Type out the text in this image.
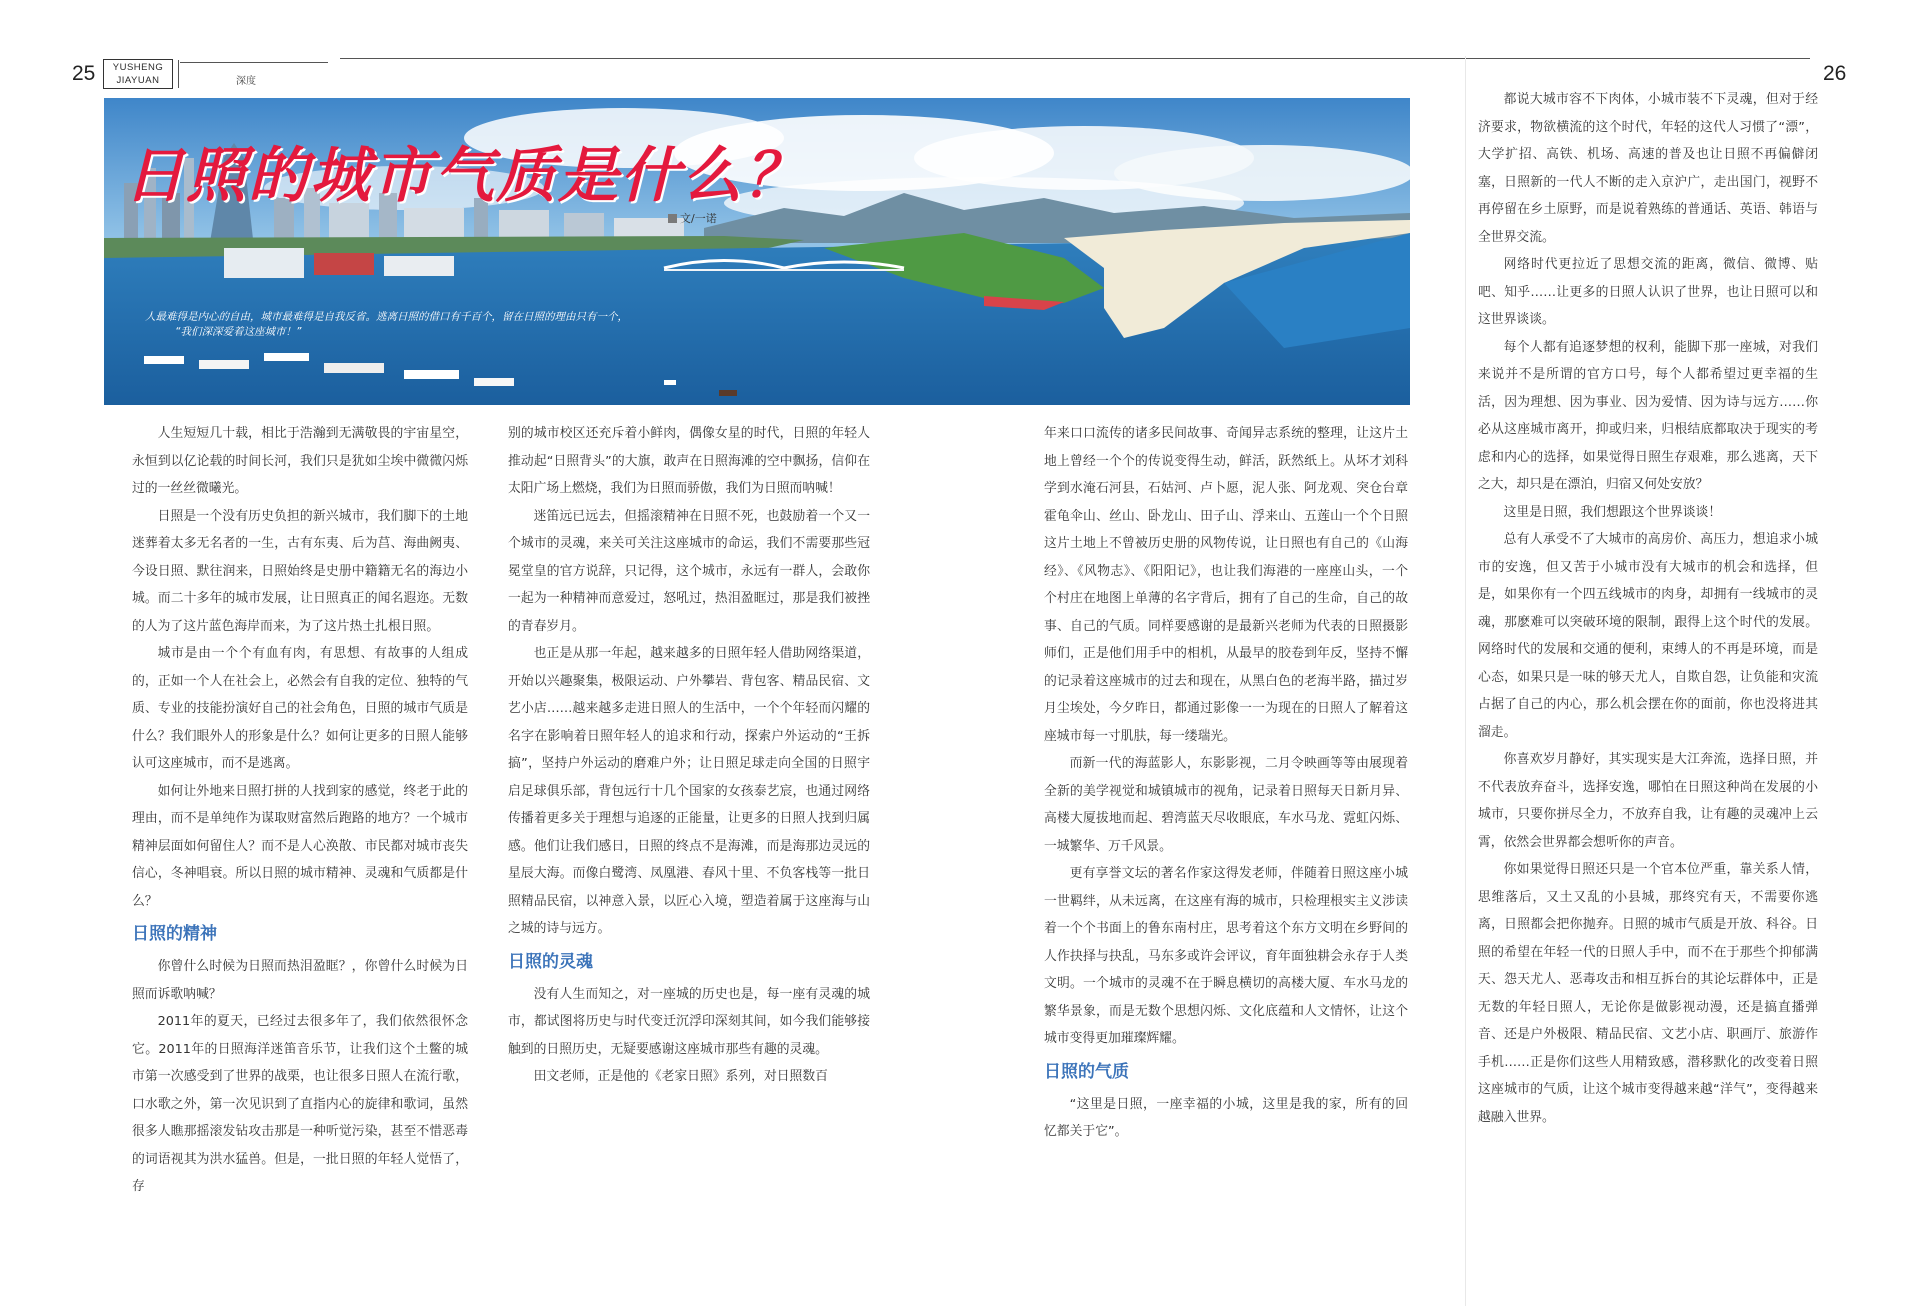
25	YUSHENG
JIAYUAN	深度	26
日照的城市气质是什么？
文/一诺

人最难得是内心的自由，城市最难得是自我反省。逃离日照的借口有千百个，留在日照的理由只有一个，

“我们深深爱着这座城市！”

人生短短几十载，相比于浩瀚到无满敬畏的宇宙星空，永恒到以亿论载的时间长河，我们只是犹如尘埃中微微闪烁过的一丝丝微曦光。

日照是一个没有历史负担的新兴城市，我们脚下的土地迷葬着太多无名者的一生，古有东夷、后为莒、海曲阙夷、今设日照、默往润来，日照始终是史册中籍籍无名的海边小城。而二十多年的城市发展，让日照真正的闻名遐迩。无数的人为了这片蓝色海岸而来，为了这片热土扎根日照。

城市是由一个个有血有肉，有思想、有故事的人组成的，正如一个人在社会上，必然会有自我的定位、独特的气质、专业的技能扮演好自己的社会角色，日照的城市气质是什么？我们眼外人的形象是什么？如何让更多的日照人能够认可这座城市，而不是逃离。

如何让外地来日照打拼的人找到家的感觉，终老于此的理由，而不是单纯作为谋取财富然后跑路的地方？一个城市精神层面如何留住人？而不是人心涣散、市民都对城市丧失信心，冬神唱衰。所以日照的城市精神、灵魂和气质都是什么？

日照的精神

你曾什么时候为日照而热泪盈眶？，你曾什么时候为日照而诉歌呐喊？

2011年的夏天，已经过去很多年了，我们依然很怀念它。2011年的日照海洋迷笛音乐节，让我们这个土鳖的城市第一次感受到了世界的战栗，也让很多日照人在流行歌，口水歌之外，第一次见识到了直指内心的旋律和歌词，虽然很多人瞧那摇滚发钻攻击那是一种听觉污染，甚至不惜恶毒的词语视其为洪水猛兽。但是，一批日照的年轻人觉悟了，存

别的城市校区还充斥着小鲜肉，偶像女星的时代，日照的年轻人推动起“日照背头”的大旗，敢声在日照海滩的空中飘扬，信仰在太阳广场上燃烧，我们为日照而骄傲，我们为日照而呐喊！

迷笛远已远去，但摇滚精神在日照不死，也鼓励着一个又一个城市的灵魂，来关可关注这座城市的命运，我们不需要那些冠冕堂皇的官方说辞，只记得，这个城市，永远有一群人，会敢你一起为一种精神而意爱过，怒吼过，热泪盈眶过，那是我们被挫的青春岁月。

也正是从那一年起，越来越多的日照年轻人借助网络渠道，开始以兴趣聚集，极限运动、户外攀岩、背包客、精品民宿、文艺小店……越来越多走进日照人的生活中，一个个年轻而闪耀的名字在影响着日照年轻人的追求和行动，探索户外运动的“王拆搞”，坚持户外运动的磨难户外；让日照足球走向全国的日照宇启足球俱乐部，背包远行十几个国家的女孩泰艺宸，也通过网络传播着更多关于理想与追逐的正能量，让更多的日照人找到归属感。他们让我们感日，日照的终点不是海滩，而是海那边灵远的星辰大海。而像白鹭湾、凤凰港、春风十里、不负客栈等一批日照精品民宿，以神意入景，以匠心入境，塑造着属于这座海与山之城的诗与远方。

日照的灵魂

没有人生而知之，对一座城的历史也是，每一座有灵魂的城市，都试图将历史与时代变迁沉浮印深刻其间，如今我们能够接触到的日照历史，无疑要感谢这座城市那些有趣的灵魂。

田文老师，正是他的《老家日照》系列，对日照数百

年来口口流传的诸多民间故事、奇闻异志系统的整理，让这片土地上曾经一个个的传说变得生动，鲜活，跃然纸上。从坏才刘科学到水淹石河县，石姑河、卢卜愿，泥人张、阿龙观、突仓台章霍龟伞山、丝山、卧龙山、田子山、浮来山、五莲山一个个日照这片土地上不曾被历史册的风物传说，让日照也有自己的《山海经》、《风物志》、《阳阳记》，也让我们海港的一座座山头，一个个村庄在地图上单薄的名字背后，拥有了自己的生命，自己的故事、自己的气质。同样要感谢的是最新兴老师为代表的日照摄影师们，正是他们用手中的相机，从最早的胶卷到年反，坚持不懈的记录着这座城市的过去和现在，从黑白色的老海半路，描过岁月尘埃处，今夕昨日，都通过影像一一为现在的日照人了解着这座城市每一寸肌肤，每一缕瑞光。

而新一代的海蓝影人，东影影视，二月令映画等等由展现着全新的美学视觉和城镇城市的视角，记录着日照每天日新月异、高楼大厦拔地而起、碧湾蓝天尽收眼底，车水马龙、霓虹闪烁、一城繁华、万千风景。

更有享誉文坛的著名作家这得发老师，伴随着日照这座小城一世羁绊，从未远离，在这座有海的城市，只检理根实主义涉读着一个个书面上的鲁东南村庄，思考着这个东方文明在乡野间的人作抉择与抉乱，马东多或许会评议，育年面独耕会永存于人类文明。一个城市的灵魂不在于瞬息横切的高楼大厦、车水马龙的繁华景象，而是无数个思想闪烁、文化底蕴和人文情怀，让这个城市变得更加璀璨辉耀。

日照的气质

“这里是日照，一座幸福的小城，这里是我的家，所有的回忆都关于它”。

都说大城市容不下肉体，小城市装不下灵魂，但对于经济要求，物欲横流的这个时代，年轻的这代人习惯了“漂”，大学扩招、高铁、机场、高速的普及也让日照不再偏僻闭塞，日照新的一代人不断的走入京沪广，走出国门，视野不再停留在乡土原野，而是说着熟练的普通话、英语、韩语与全世界交流。

网络时代更拉近了思想交流的距离，微信、微博、贴吧、知乎……让更多的日照人认识了世界，也让日照可以和这世界谈谈。

每个人都有追逐梦想的权利，能脚下那一座城，对我们来说并不是所谓的官方口号，每个人都希望过更幸福的生活，因为理想、因为事业、因为爱情、因为诗与远方……你必从这座城市离开，抑或归来，归根结底都取决于现实的考虑和内心的选择，如果觉得日照生存艰难，那么逃离，天下之大，却只是在漂泊，归宿又何处安放？

这里是日照，我们想跟这个世界谈谈！

总有人承受不了大城市的高房价、高压力，想追求小城市的安逸，但又苦于小城市没有大城市的机会和选择，但是，如果你有一个四五线城市的肉身，却拥有一线城市的灵魂，那麽难可以突破环境的限制，跟得上这个时代的发展。网络时代的发展和交通的便利，束缚人的不再是环境，而是心态，如果只是一味的够天尤人，自欺自怨，让负能和灾流占据了自己的内心，那么机会摆在你的面前，你也没将进其溜走。

你喜欢岁月静好，其实现实是大江奔流，选择日照，并不代表放弃奋斗，选择安逸，哪怕在日照这种尚在发展的小城市，只要你拼尽全力，不放弃自我，让有趣的灵魂冲上云霄，依然会世界都会想听你的声音。

你如果觉得日照还只是一个官本位严重，靠关系人情，思维落后，又土又乱的小县城，那终究有天，不需要你逃离，日照都会把你抛弃。日照的城市气质是开放、科谷。日照的希望在年轻一代的日照人手中，而不在于那些个抑郁满天、怨天尤人、恶毒攻击和相互拆台的其论坛群体中，正是无数的年轻日照人，无论你是做影视动漫，还是搞直播弹音、还是户外极限、精品民宿、文艺小店、职画厅、旅游作手机……正是你们这些人用精致感，潜移默化的改变着日照这座城市的气质，让这个城市变得越来越“洋气”，变得越来越融入世界。
